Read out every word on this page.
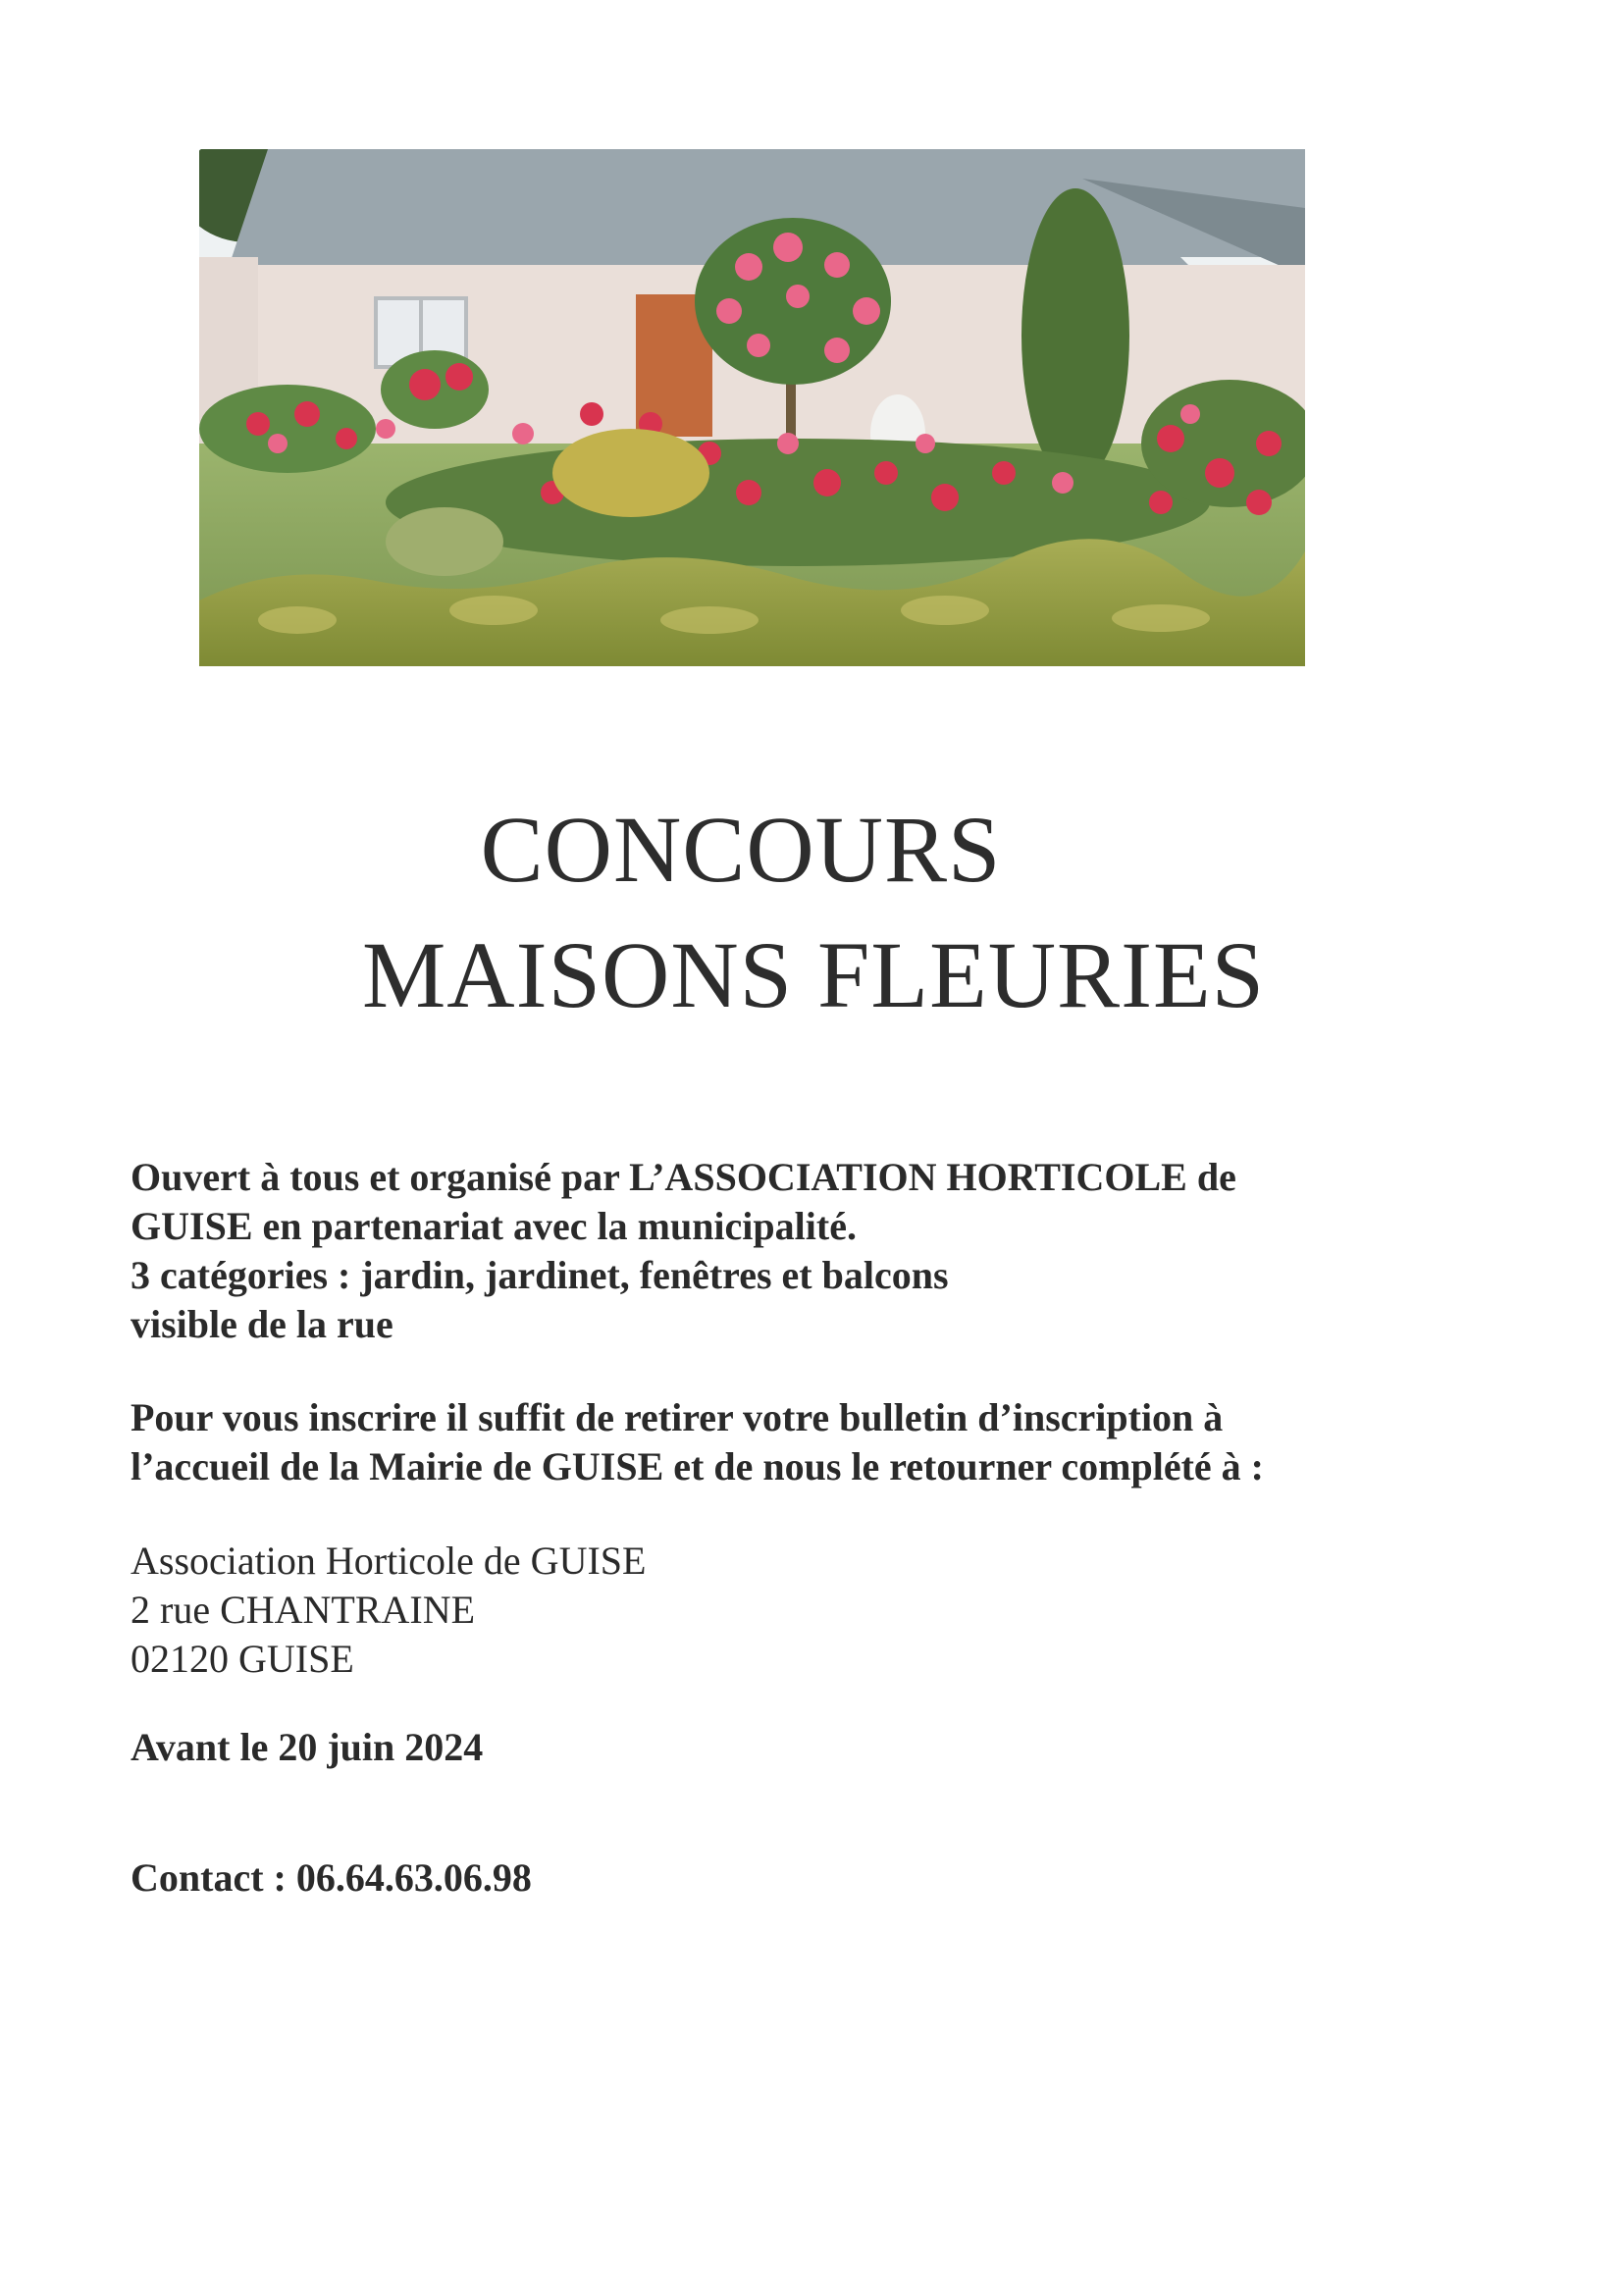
CONCOURS
MAISONS FLEURIES
Ouvert à tous et organisé par L’ASSOCIATION HORTICOLE de
GUISE en partenariat avec la municipalité.
3 catégories : jardin, jardinet, fenêtres et balcons
visible de la rue
Pour vous inscrire il suffit de retirer votre bulletin d’inscription à
l’accueil de la Mairie de GUISE et de nous le retourner complété à :
Association Horticole de GUISE
2 rue CHANTRAINE
02120 GUISE
Avant le 20 juin 2024
Contact : 06.64.63.06.98
